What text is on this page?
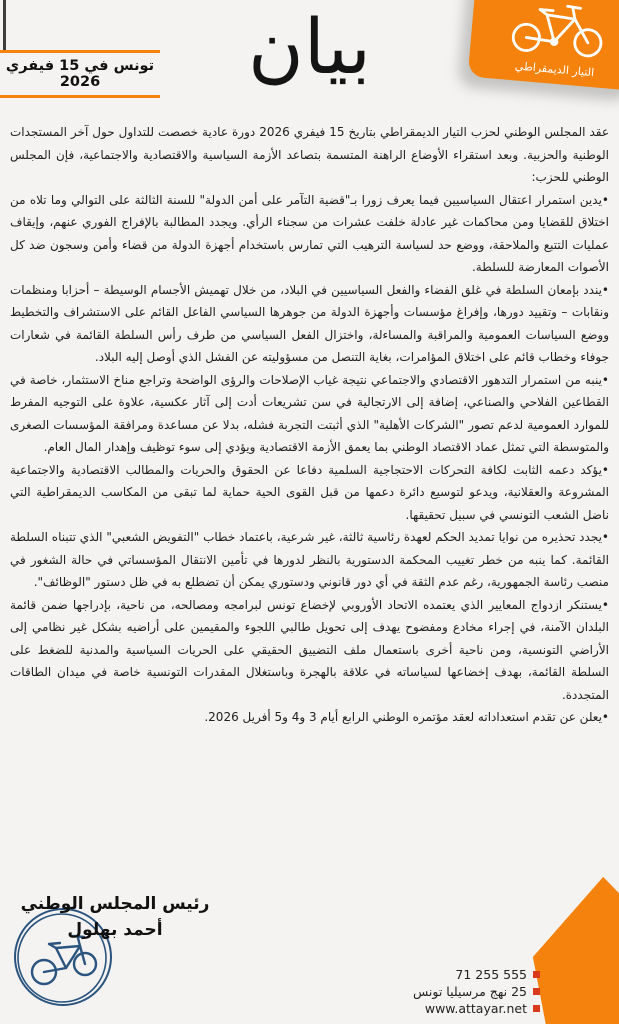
تونس في 15 فيفري 2026	بيان	التيار الديمقراطي

عقد المجلس الوطني لحزب التيار الديمقراطي بتاريخ 15 فيفري 2026 دورة عادية خصصت للتداول حول آخر المستجدات الوطنية والحزبية. وبعد استقراء الأوضاع الراهنة المتسمة بتصاعد الأزمة السياسية والاقتصادية والاجتماعية، فإن المجلس الوطني للحزب:

•يدين استمرار اعتقال السياسيين فيما يعرف زورا بـ"قضية التآمر على أمن الدولة" للسنة الثالثة على التوالي وما تلاه من اختلاق للقضايا ومن محاكمات غير عادلة خلفت عشرات من سجناء الرأي. ويجدد المطالبة بالإفراج الفوري عنهم، وإيقاف عمليات التتبع والملاحقة، ووضع حد لسياسة الترهيب التي تمارس باستخدام أجهزة الدولة من قضاء وأمن وسجون ضد كل الأصوات المعارضة للسلطة.

•يندد بإمعان السلطة في غلق الفضاء والفعل السياسيين في البلاد، من خلال تهميش الأجسام الوسيطة – أحزابا ومنظمات ونقابات – وتقييد دورها، وإفراغ مؤسسات وأجهزة الدولة من جوهرها السياسي الفاعل القائم على الاستشراف والتخطيط ووضع السياسات العمومية والمراقبة والمساءلة، واختزال الفعل السياسي من طرف رأس السلطة القائمة في شعارات جوفاء وخطاب قائم على اختلاق المؤامرات، بغاية التنصل من مسؤوليته عن الفشل الذي أوصل إليه البلاد.

•ينبه من استمرار التدهور الاقتصادي والاجتماعي نتيجة غياب الإصلاحات والرؤى الواضحة وتراجع مناخ الاستثمار، خاصة في القطاعين الفلاحي والصناعي، إضافة إلى الارتجالية في سن تشريعات أدت إلى آثار عكسية، علاوة على التوجيه المفرط للموارد العمومية لدعم تصور "الشركات الأهلية" الذي أثبتت التجربة فشله، بدلا عن مساعدة ومرافقة المؤسسات الصغرى والمتوسطة التي تمثل عماد الاقتصاد الوطني بما يعمق الأزمة الاقتصادية ويؤدي إلى سوء توظيف وإهدار المال العام.

•يؤكد دعمه الثابت لكافة التحركات الاحتجاجية السلمية دفاعا عن الحقوق والحريات والمطالب الاقتصادية والاجتماعية المشروعة والعقلانية، ويدعو لتوسيع دائرة دعمها من قبل القوى الحية حماية لما تبقى من المكاسب الديمقراطية التي ناضل الشعب التونسي في سبيل تحقيقها.

•يجدد تحذيره من نوايا تمديد الحكم لعهدة رئاسية ثالثة، غير شرعية، باعتماد خطاب "التفويض الشعبي" الذي تتبناه السلطة القائمة. كما ينبه من خطر تغييب المحكمة الدستورية بالنظر لدورها في تأمين الانتقال المؤسساتي في حالة الشغور في منصب رئاسة الجمهورية، رغم عدم الثقة في أي دور قانوني ودستوري يمكن أن تضطلع به في ظل دستور "الوظائف".

•يستنكر ازدواج المعايير الذي يعتمده الاتحاد الأوروبي لإخضاع تونس لبرامجه ومصالحه، من ناحية، بإدراجها ضمن قائمة البلدان الآمنة، في إجراء مخادع ومفضوح يهدف إلى تحويل طالبي اللجوء والمقيمين على أراضيه بشكل غير نظامي إلى الأراضي التونسية، ومن ناحية أخرى باستعمال ملف التضييق الحقيقي على الحريات السياسية والمدنية للضغط على السلطة القائمة، بهدف إخضاعها لسياساته في علاقة بالهجرة وباستغلال المقدرات التونسية خاصة في ميدان الطاقات المتجددة.

•يعلن عن تقدم استعداداته لعقد مؤتمره الوطني الرابع أيام 3 و4 و5 أفريل 2026.

رئيس المجلس الوطني
أحمد بهلول
71 255 555
25 نهج مرسيليا تونس
www.attayar.net
